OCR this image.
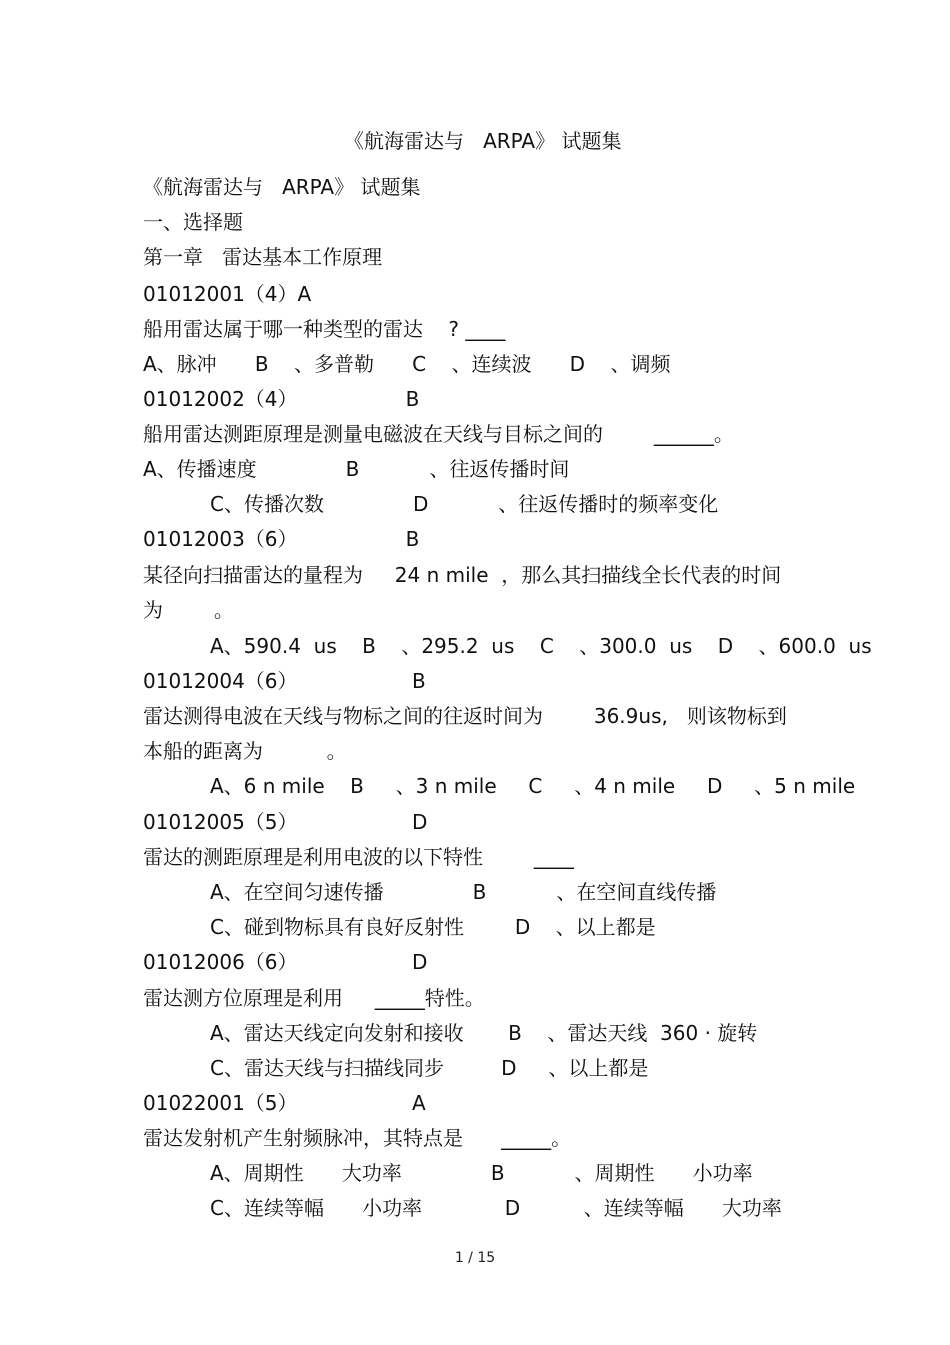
《航海雷达与   ARPA》 试题集
《航海雷达与   ARPA》 试题集
一、选择题
第一章   雷达基本工作原理
01012001（4）A
船用雷达属于哪一种类型的雷达    ? ____
A、脉冲      B    、多普勒      C    、连续波      D    、调频
01012002（4）                 B
船用雷达测距原理是测量电磁波在天线与目标之间的        ______。
A、传播速度              B           、往返传播时间
C、传播次数              D           、往返传播时的频率变化
01012003（6）                 B
某径向扫描雷达的量程为     24 n mile  ，那么其扫描线全长代表的时间
为        。
A、590.4  us    B    、295.2  us    C    、300.0  us    D    、600.0  us
01012004（6）                  B
雷达测得电波在天线与物标之间的往返时间为        36.9us,   则该物标到
本船的距离为          。
A、6 n mile    B     、3 n mile     C     、4 n mile     D     、5 n mile
01012005（5）                  D
雷达的测距原理是利用电波的以下特性        ____
A、在空间匀速传播              B           、在空间直线传播
C、碰到物标具有良好反射性        D    、以上都是
01012006（6）                  D
雷达测方位原理是利用     _____特性。
A、雷达天线定向发射和接收       B    、雷达天线  360 · 旋转
C、雷达天线与扫描线同步         D     、以上都是
01022001（5）                  A
雷达发射机产生射频脉冲，其特点是      _____。
A、周期性      大功率              B           、周期性      小功率
C、连续等幅      小功率             D          、连续等幅      大功率
1 / 15
